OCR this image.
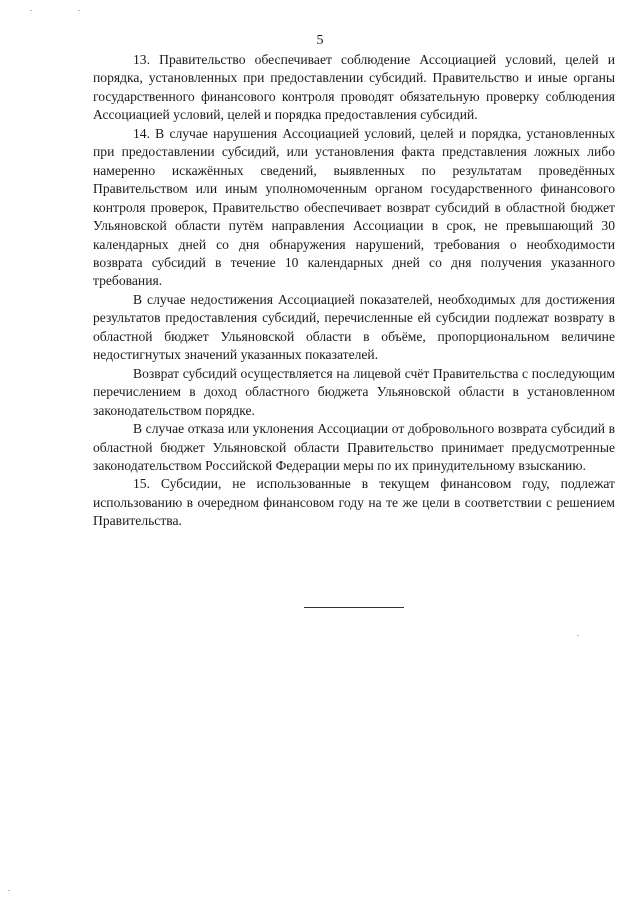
5

13. Правительство обеспечивает соблюдение Ассоциацией условий, целей и порядка, установленных при предоставлении субсидий. Правительство и иные органы государственного финансового контроля проводят обязательную проверку соблюдения Ассоциацией условий, целей и порядка предоставления субсидий.

14. В случае нарушения Ассоциацией условий, целей и порядка, установленных при предоставлении субсидий, или установления факта представления ложных либо намеренно искажённых сведений, выявленных по результатам проведённых Правительством или иным уполномоченным органом государственного финансового контроля проверок, Правительство обеспечивает возврат субсидий в областной бюджет Ульяновской области путём направления Ассоциации в срок, не превышающий 30 календарных дней со дня обнаружения нарушений, требования о необходимости возврата субсидий в течение 10 календарных дней со дня получения указанного требования.

В случае недостижения Ассоциацией показателей, необходимых для достижения результатов предоставления субсидий, перечисленные ей субсидии подлежат возврату в областной бюджет Ульяновской области в объёме, пропорциональном величине недостигнутых значений указанных показателей.

Возврат субсидий осуществляется на лицевой счёт Правительства с последующим перечислением в доход областного бюджета Ульяновской области в установленном законодательством порядке.

В случае отказа или уклонения Ассоциации от добровольного возврата субсидий в областной бюджет Ульяновской области Правительство принимает предусмотренные законодательством Российской Федерации меры по их принудительному взысканию.

15. Субсидии, не использованные в текущем финансовом году, подлежат использованию в очередном финансовом году на те же цели в соответствии с решением Правительства.
